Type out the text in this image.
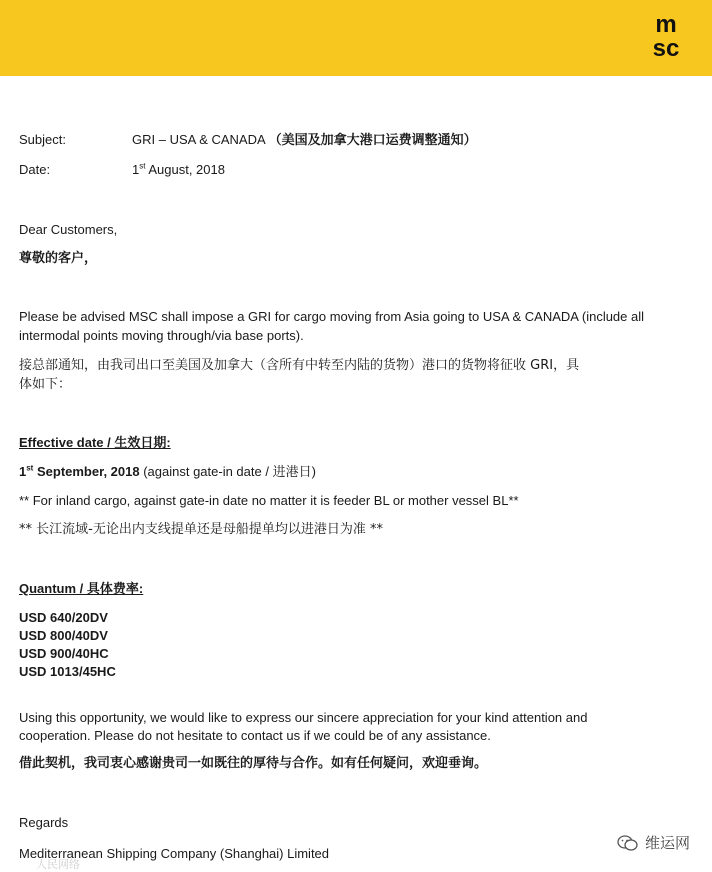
m
sc
Subject:	GRI – USA & CANADA （美国及加拿大港口运费调整通知）
Date:	1st August, 2018
Dear Customers,
尊敬的客户，
Please be advised MSC shall impose a GRI for cargo moving from Asia going to USA & CANADA (include all
intermodal points moving through/via base ports).
接总部通知，由我司出口至美国及加拿大（含所有中转至内陆的货物）港口的货物将征收 GRI，具
体如下：
Effective date / 生效日期:
1st September, 2018 (against gate-in date / 进港日)
** For inland cargo, against gate-in date no matter it is feeder BL or mother vessel BL**
** 长江流域-无论出内支线提单还是母船提单均以进港日为准 **
Quantum / 具体费率:
USD 640/20DV
USD 800/40DV
USD 900/40HC
USD 1013/45HC
Using this opportunity, we would like to express our sincere appreciation for your kind attention and
cooperation. Please do not hesitate to contact us if we could be of any assistance.
借此契机，我司衷心感谢贵司一如既往的厚待与合作。如有任何疑问，欢迎垂询。
Regards
Mediterranean Shipping Company (Shanghai) Limited
人民网络
维运网
